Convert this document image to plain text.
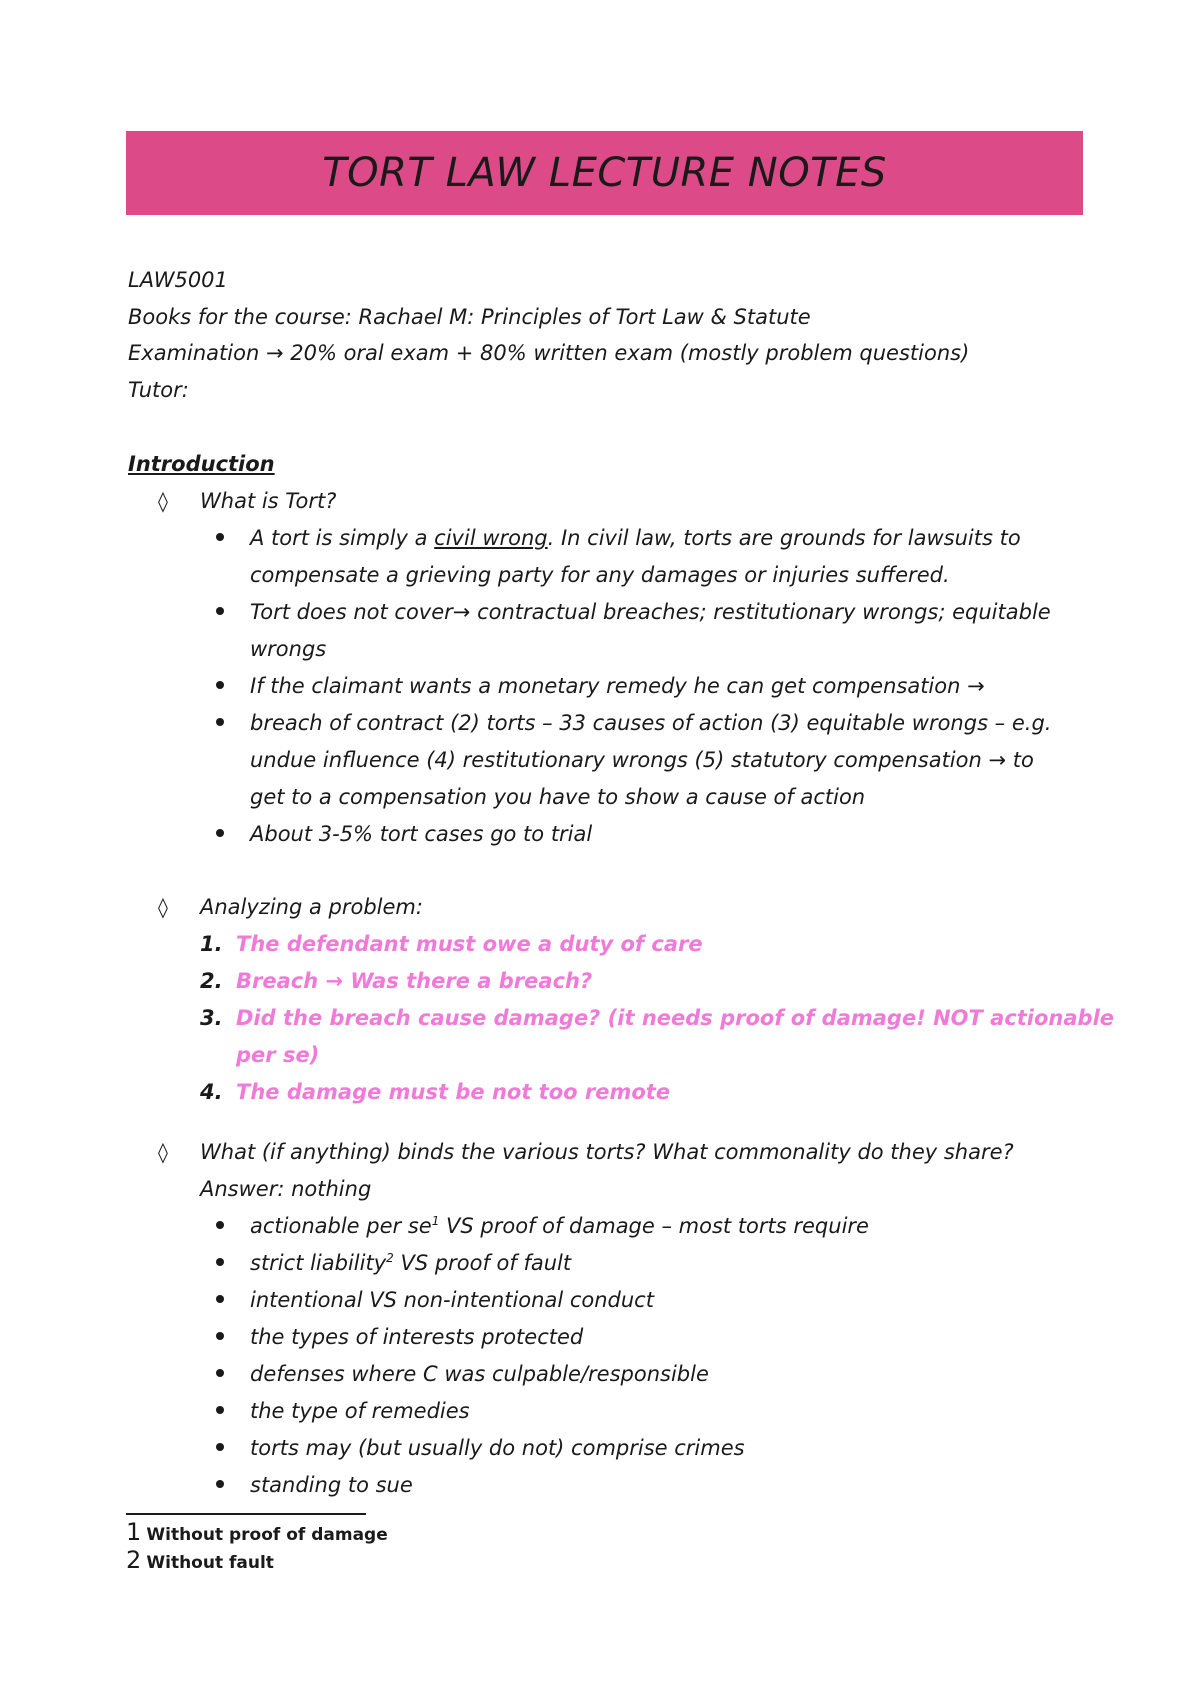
TORT LAW LECTURE NOTES
LAW5001
Books for the course: Rachael M: Principles of Tort Law & Statute
Examination → 20% oral exam + 80% written exam (mostly problem questions)
Tutor:
Introduction
◊ What is Tort?
A tort is simply a civil wrong. In civil law, torts are grounds for lawsuits to
compensate a grieving party for any damages or injuries suffered.
Tort does not cover→ contractual breaches; restitutionary wrongs; equitable
wrongs
If the claimant wants a monetary remedy he can get compensation →
breach of contract (2) torts – 33 causes of action (3) equitable wrongs – e.g.
undue influence (4) restitutionary wrongs (5) statutory compensation → to
get to a compensation you have to show a cause of action
About 3-5% tort cases go to trial
◊ Analyzing a problem:
1. The defendant must owe a duty of care
2. Breach → Was there a breach?
3. Did the breach cause damage? (it needs proof of damage! NOT actionable
per se)
4. The damage must be not too remote
◊ What (if anything) binds the various torts? What commonality do they share?
Answer: nothing
actionable per $se^1$ VS proof of damage – most torts require
strict liability$^2$ VS proof of fault
intentional VS non-intentional conduct
the types of interests protected
defenses where C was culpable/responsible
the type of remedies
torts may (but usually do not) comprise crimes
standing to sue
1 Without proof of damage
2 Without fault
